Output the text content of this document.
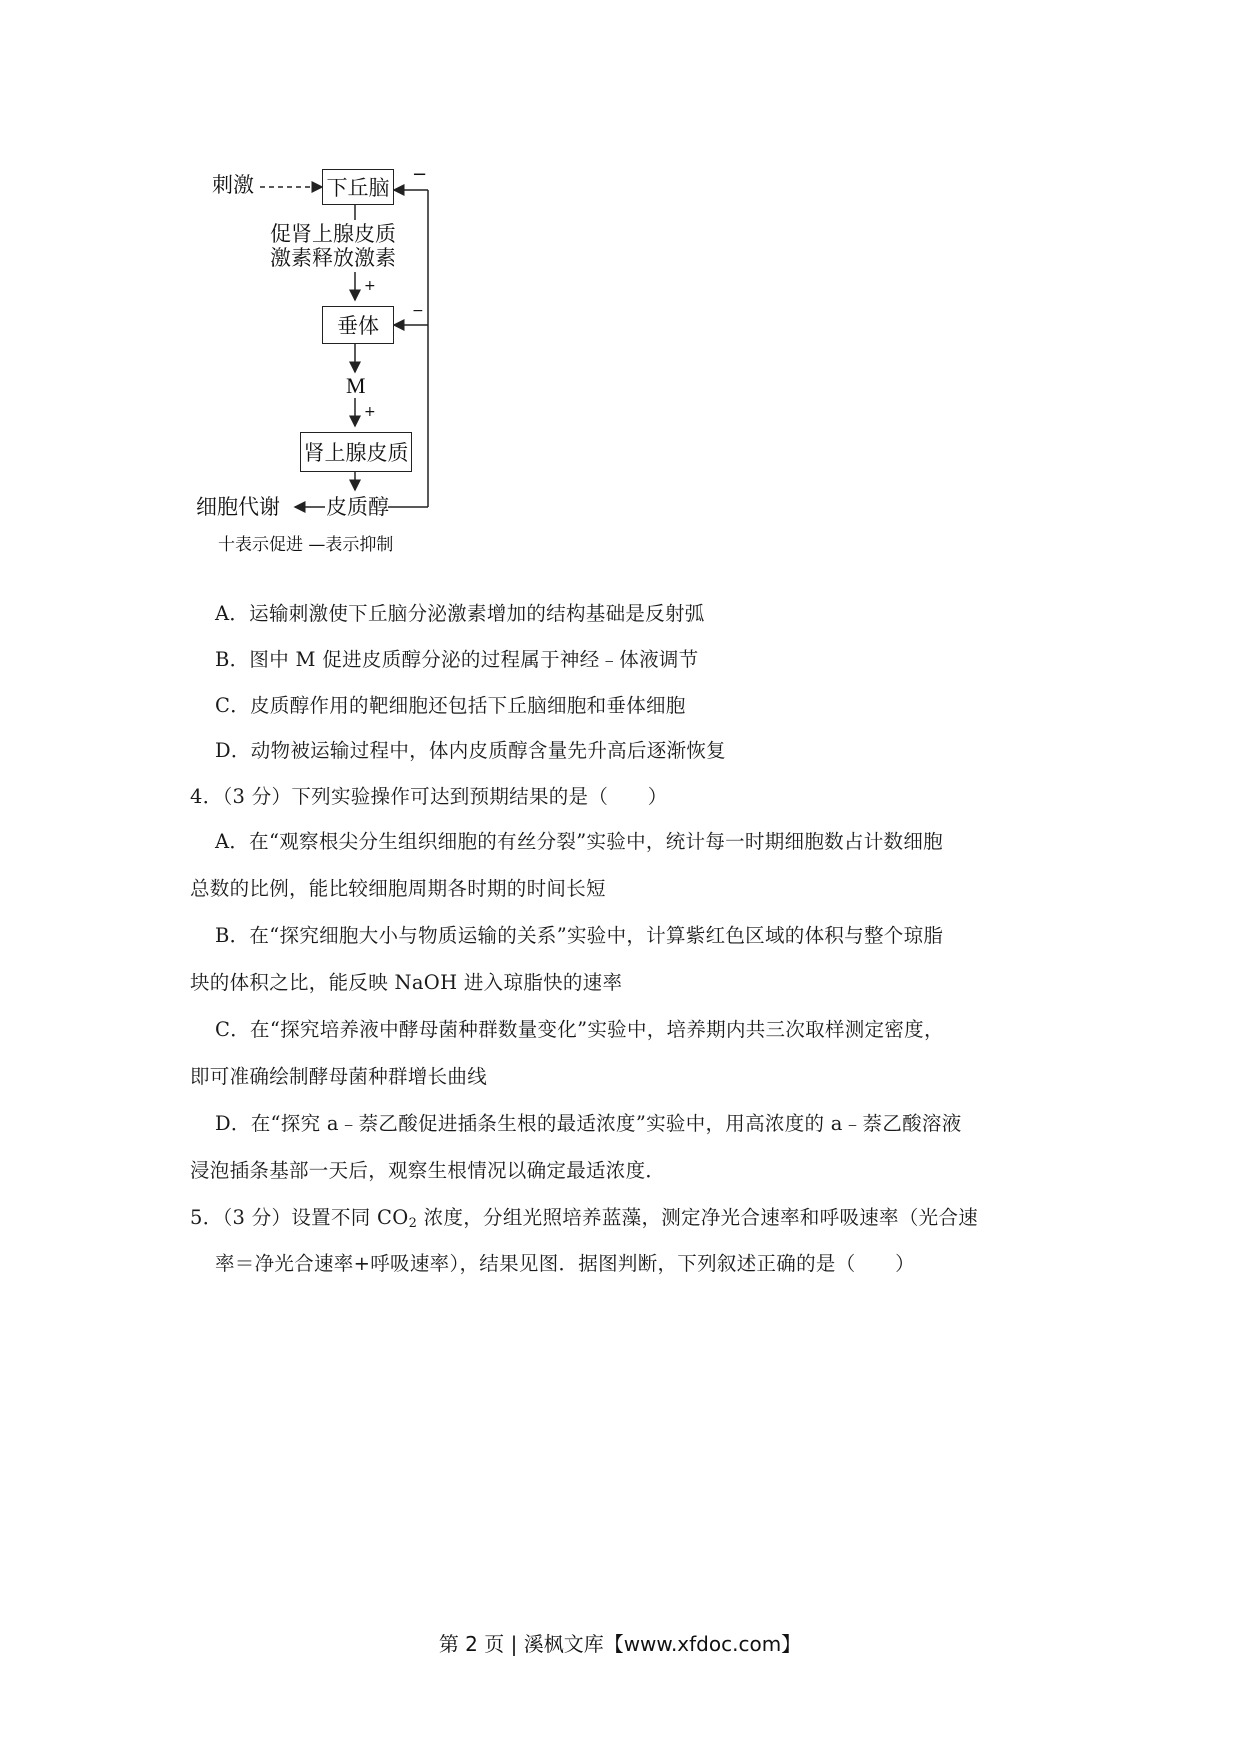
刺激	下丘脑
−
促肾上腺皮质
激素释放激素
+
垂体
−
M
+
肾上腺皮质
细胞代谢 皮质醇
十表示促进 —表示抑制
A．运输刺激使下丘脑分泌激素增加的结构基础是反射弧
B．图中 M 促进皮质醇分泌的过程属于神经﹣体液调节
C．皮质醇作用的靶细胞还包括下丘脑细胞和垂体细胞
D．动物被运输过程中，体内皮质醇含量先升高后逐渐恢复
4．（3 分）下列实验操作可达到预期结果的是（　　）
A．在“观察根尖分生组织细胞的有丝分裂”实验中，统计每一时期细胞数占计数细胞
总数的比例，能比较细胞周期各时期的时间长短
B．在“探究细胞大小与物质运输的关系”实验中，计算紫红色区域的体积与整个琼脂
块的体积之比，能反映 NaOH 进入琼脂快的速率
C．在“探究培养液中酵母菌种群数量变化”实验中，培养期内共三次取样测定密度，
即可准确绘制酵母菌种群增长曲线
D．在“探究 a﹣萘乙酸促进插条生根的最适浓度”实验中，用高浓度的 a﹣萘乙酸溶液
浸泡插条基部一天后，观察生根情况以确定最适浓度．
5．（3 分）设置不同 $CO_2$ 浓度，分组光照培养蓝藻，测定净光合速率和呼吸速率（光合速
率＝净光合速率+呼吸速率），结果见图．据图判断，下列叙述正确的是（　　）
第 2 页 | 溪枫文库【www.xfdoc.com】
